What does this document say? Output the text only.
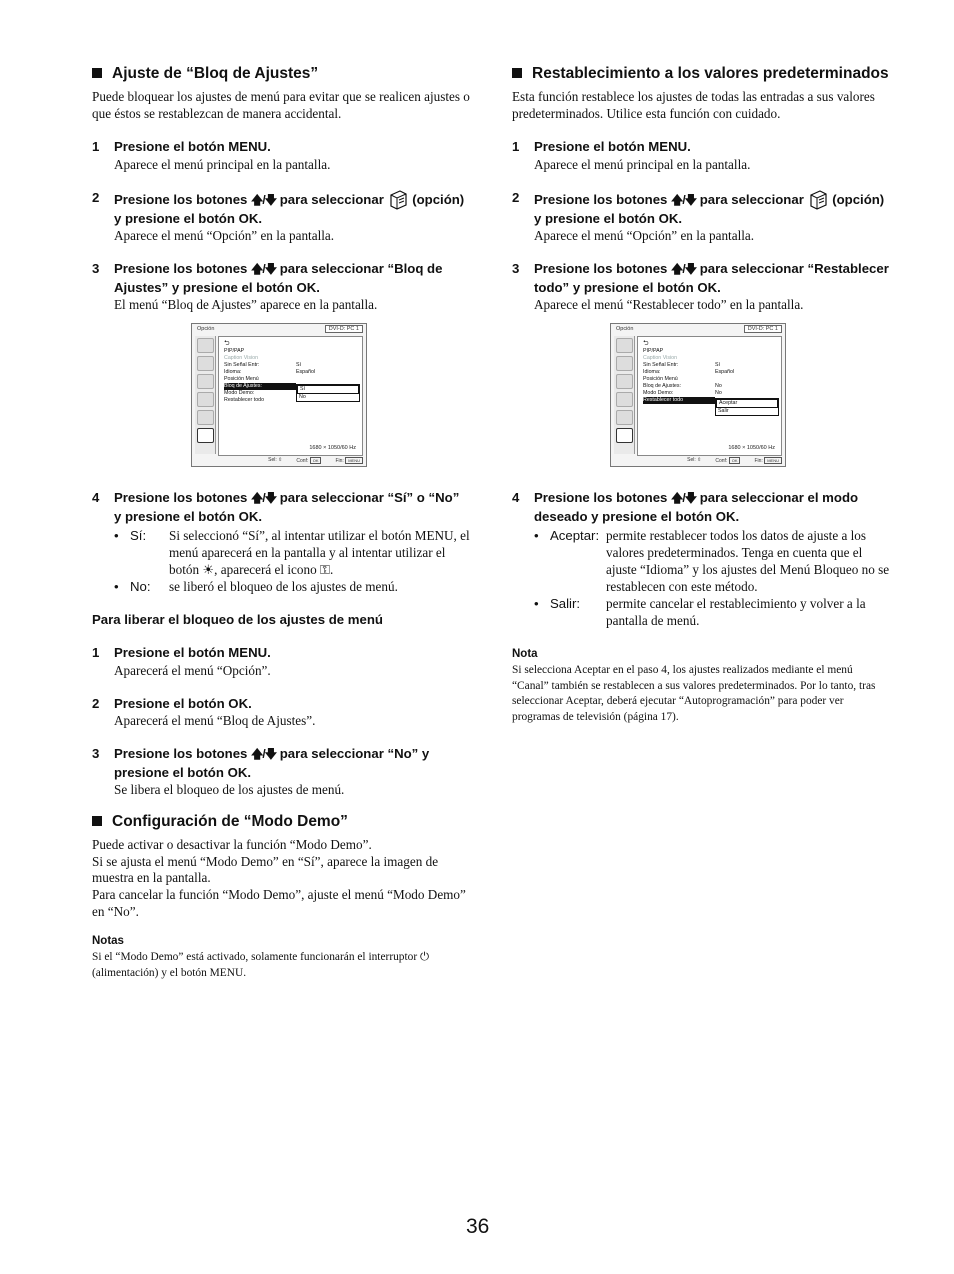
Ajuste de “Bloq de Ajustes”

Puede bloquear los ajustes de menú para evitar que se realicen ajustes o que éstos se restablezcan de manera accidental.

1	Presione el botón MENU.
Aparece el menú principal en la pantalla.
2	Presione los botones 🡅/🡇 para seleccionar (opción) y presione el botón OK.
Aparece el menú “Opción” en la pantalla.
3	Presione los botones 🡅/🡇 para seleccionar “Bloq de Ajustes” y presione el botón OK.
El menú “Bloq de Ajustes” aparece en la pantalla.
Opción	DVI-D: PC 1
⮌
PIP/PAP
Caption Vision
Sin Señal Entr:	Sí
Idioma:	Español
Posición Menú
Bloq de Ajustes:
Modo Demo:
Restablecer todo
Sí
No
1680 × 1050/60 Hz
Sel: ⇳	Conf: OK	Fin: MENU
4	Presione los botones 🡅/🡇 para seleccionar “Sí” o “No” y presione el botón OK.
• Sí:	Si seleccionó “Sí”, al intentar utilizar el botón MENU, el menú aparecerá en la pantalla y al intentar utilizar el botón ☀, aparecerá el icono ⚿.
• No:	se liberó el bloqueo de los ajustes de menú.
Para liberar el bloqueo de los ajustes de menú
1	Presione el botón MENU.
Aparecerá el menú “Opción”.
2	Presione el botón OK.
Aparecerá el menú “Bloq de Ajustes”.
3	Presione los botones 🡅/🡇 para seleccionar “No” y presione el botón OK.
Se libera el bloqueo de los ajustes de menú.
Configuración de “Modo Demo”

Puede activar o desactivar la función “Modo Demo”.

Si se ajusta el menú “Modo Demo” en “Sí”, aparece la imagen de muestra en la pantalla.

Para cancelar la función “Modo Demo”, ajuste el menú “Modo Demo” en “No”.

Notas
Si el “Modo Demo” está activado, solamente funcionarán el interruptor ⏻ (alimentación) y el botón MENU.
Restablecimiento a los valores predeterminados

Esta función restablece los ajustes de todas las entradas a sus valores predeterminados. Utilice esta función con cuidado.

1	Presione el botón MENU.
Aparece el menú principal en la pantalla.
2	Presione los botones 🡅/🡇 para seleccionar (opción) y presione el botón OK.
Aparece el menú “Opción” en la pantalla.
3	Presione los botones 🡅/🡇 para seleccionar “Restablecer todo” y presione el botón OK.
Aparece el menú “Restablecer todo” en la pantalla.
Opción	DVI-D: PC 1
⮌
PIP/PAP
Caption Vision
Sin Señal Entr:	Sí
Idioma:	Español
Posición Menú
Bloq de Ajustes:	No
Modo Demo:	No
Restablecer todo	Aceptar
Salir
1680 × 1050/60 Hz
Sel: ⇳	Conf: OK	Fin: MENU
4	Presione los botones 🡅/🡇 para seleccionar el modo deseado y presione el botón OK.
• Aceptar: permite restablecer todos los datos de ajuste a los valores predeterminados. Tenga en cuenta que el ajuste “Idioma” y los ajustes del Menú Bloqueo no se restablecen con este método.
• Salir:	permite cancelar el restablecimiento y volver a la pantalla de menú.
Nota
Si selecciona Aceptar en el paso 4, los ajustes realizados mediante el menú “Canal” también se restablecen a sus valores predeterminados. Por lo tanto, tras seleccionar Aceptar, deberá ejecutar “Autoprogramación” para poder ver programas de televisión (página 17).
36
